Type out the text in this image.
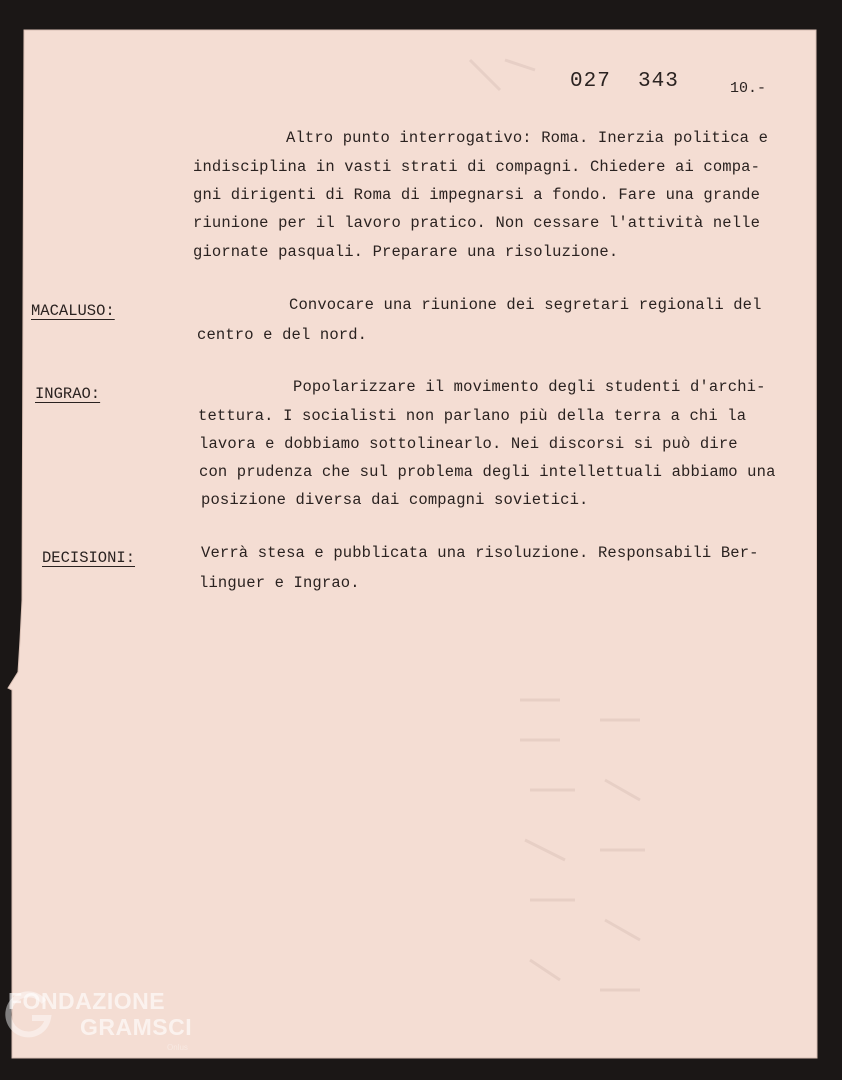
027  343	10.-
Altro punto interrogativo: Roma. Inerzia politica e
indisciplina in vasti strati di compagni. Chiedere ai compa-
gni dirigenti di Roma di impegnarsi a fondo. Fare una grande
riunione per il lavoro pratico. Non cessare l'attività nelle
giornate pasquali. Preparare una risoluzione.
MACALUSO:	Convocare una riunione dei segretari regionali del
centro e del nord.
INGRAO:	Popolarizzare il movimento degli studenti d'archi-
tettura. I socialisti non parlano più della terra a chi la
lavora e dobbiamo sottolinearlo. Nei discorsi si può dire
con prudenza che sul problema degli intellettuali abbiamo una
posizione diversa dai compagni sovietici.
DECISIONI:	Verrà stesa e pubblicata una risoluzione. Responsabili Ber-
linguer e Ingrao.
FONDAZIONE
GRAMSCI
Onlus
